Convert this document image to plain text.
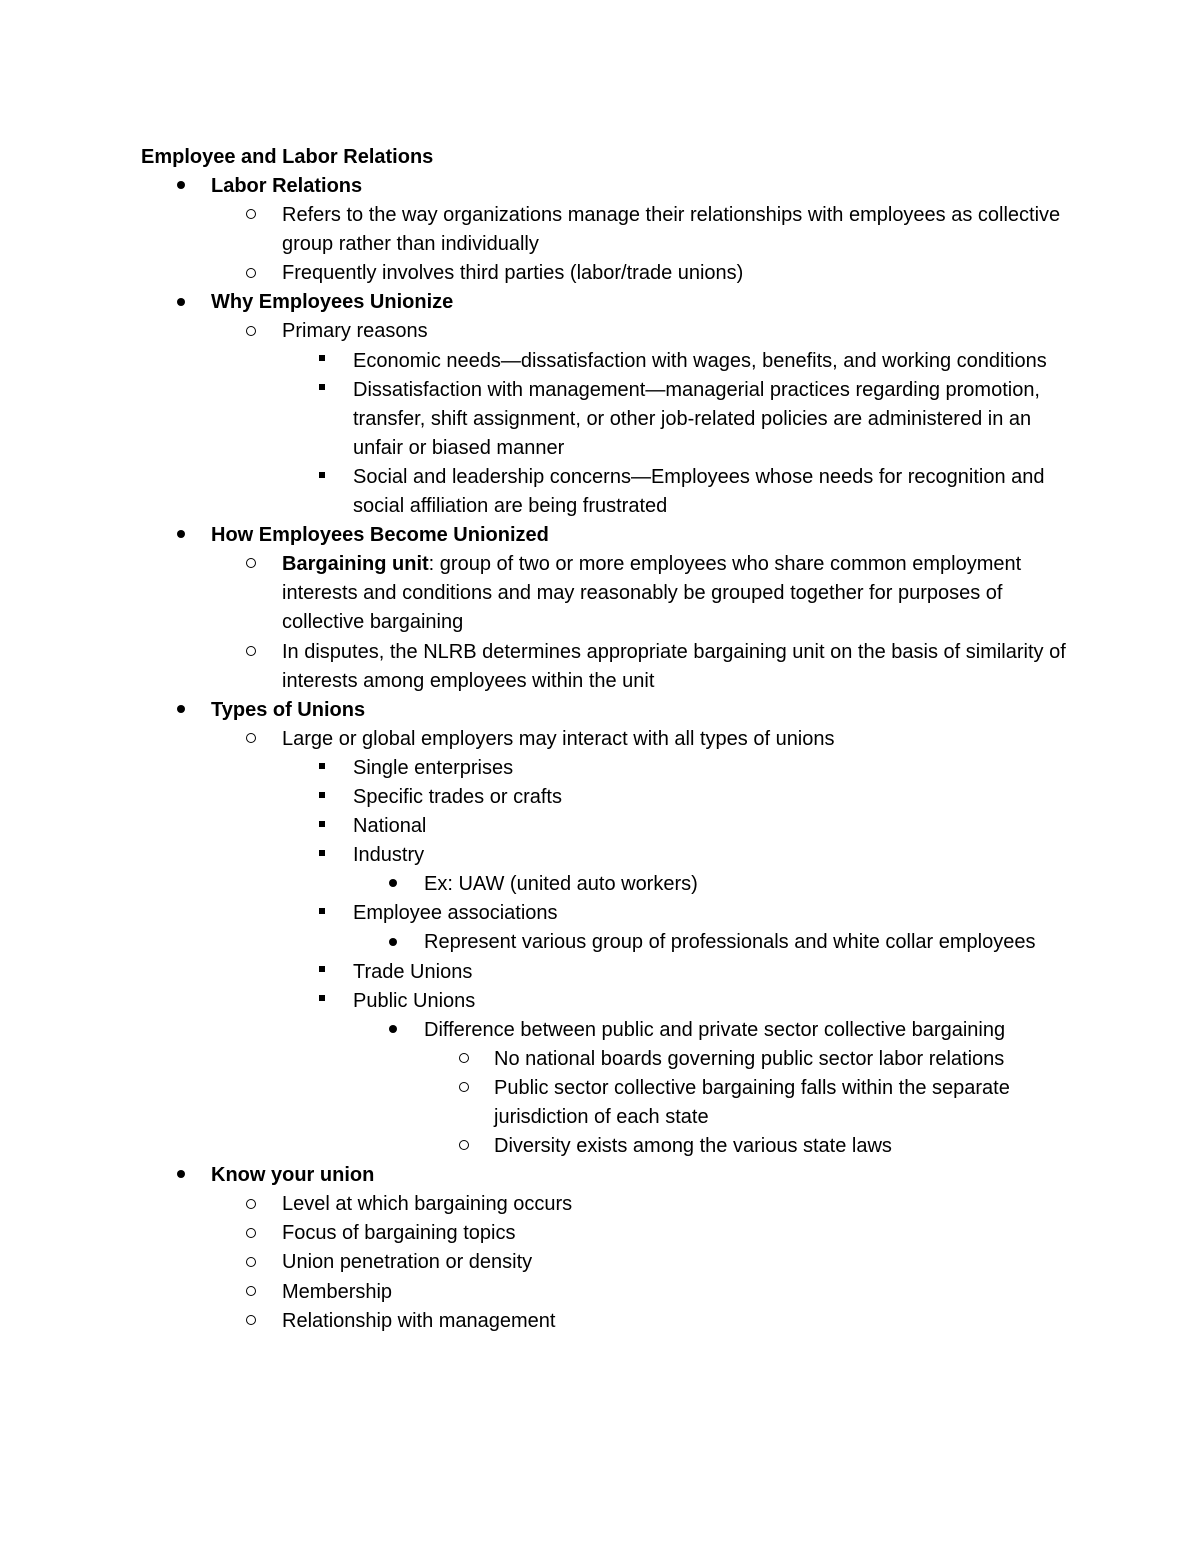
Employee and Labor Relations
Labor Relations
Refers to the way organizations manage their relationships with employees as collective group rather than individually
Frequently involves third parties (labor/trade unions)
Why Employees Unionize
Primary reasons
Economic needs—dissatisfaction with wages, benefits, and working conditions
Dissatisfaction with management—managerial practices regarding promotion, transfer, shift assignment, or other job-related policies are administered in an unfair or biased manner
Social and leadership concerns—Employees whose needs for recognition and social affiliation are being frustrated
How Employees Become Unionized
Bargaining unit: group of two or more employees who share common employment interests and conditions and may reasonably be grouped together for purposes of collective bargaining
In disputes, the NLRB determines appropriate bargaining unit on the basis of similarity of interests among employees within the unit
Types of Unions
Large or global employers may interact with all types of unions
Single enterprises
Specific trades or crafts
National
Industry
Ex: UAW (united auto workers)
Employee associations
Represent various group of professionals and white collar employees
Trade Unions
Public Unions
Difference between public and private sector collective bargaining
No national boards governing public sector labor relations
Public sector collective bargaining falls within the separate jurisdiction of each state
Diversity exists among the various state laws
Know your union
Level at which bargaining occurs
Focus of bargaining topics
Union penetration or density
Membership
Relationship with management
